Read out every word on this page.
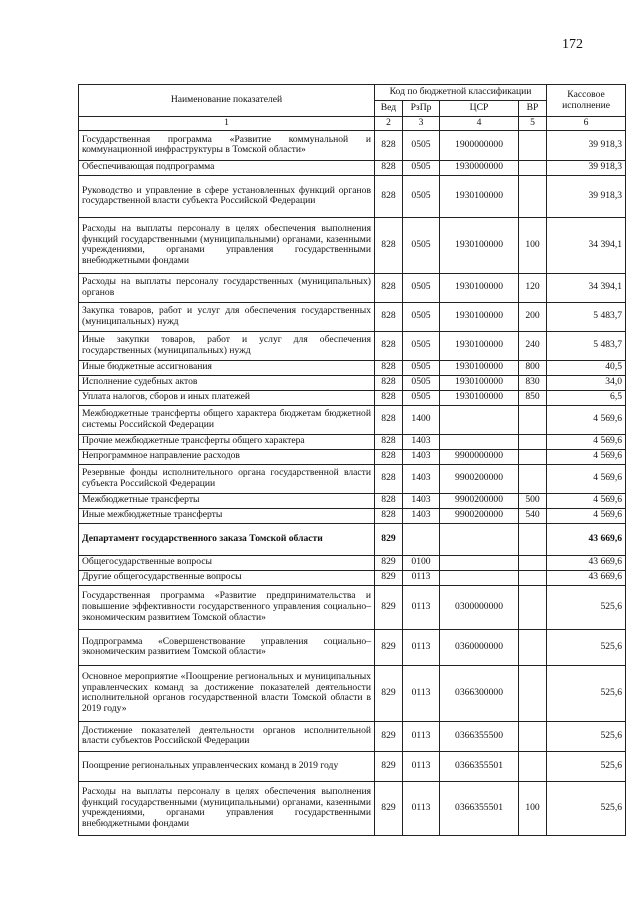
172
Наименование показателей	Код по бюджетной классификации				Кассовое исполнение
	Вед	РзПр	ЦСР	ВР	
1	2	3	4	5	6
Государственная программа «Развитие коммунальной и коммунационной инфраструктуры в Томской области»	828	0505	1900000000		39 918,3
Обеспечивающая подпрограмма	828	0505	1930000000		39 918,3
Руководство и управление в сфере установленных функций органов государственной власти субъекта Российской Федерации	828	0505	1930100000		39 918,3
Расходы на выплаты персоналу в целях обеспечения выполнения функций государственными (муниципальными) органами, казенными учреждениями, органами управления государственными внебюджетными фондами	828	0505	1930100000	100	34 394,1
Расходы на выплаты персоналу государственных (муниципальных) органов	828	0505	1930100000	120	34 394,1
Закупка товаров, работ и услуг для обеспечения государственных (муниципальных) нужд	828	0505	1930100000	200	5 483,7
Иные закупки товаров, работ и услуг для обеспечения государственных (муниципальных) нужд	828	0505	1930100000	240	5 483,7
Иные бюджетные ассигнования	828	0505	1930100000	800	40,5
Исполнение судебных актов	828	0505	1930100000	830	34,0
Уплата налогов, сборов и иных платежей	828	0505	1930100000	850	6,5
Межбюджетные трансферты общего характера бюджетам бюджетной системы Российской Федерации	828	1400			4 569,6
Прочие межбюджетные трансферты общего характера	828	1403			4 569,6
Непрограммное направление расходов	828	1403	9900000000		4 569,6
Резервные фонды исполнительного органа государственной власти субъекта Российской Федерации	828	1403	9900200000		4 569,6
Межбюджетные трансферты	828	1403	9900200000	500	4 569,6
Иные межбюджетные трансферты	828	1403	9900200000	540	4 569,6
Департамент государственного заказа Томской области	829				43 669,6
Общегосударственные вопросы	829	0100			43 669,6
Другие общегосударственные вопросы	829	0113			43 669,6
Государственная программа «Развитие предпринимательства и повышение эффективности государственного управления социально–экономическим развитием Томской области»	829	0113	0300000000		525,6
Подпрограмма «Совершенствование управления социально–экономическим развитием Томской области»	829	0113	0360000000		525,6
Основное мероприятие «Поощрение региональных и муниципальных управленческих команд за достижение показателей деятельности исполнительной органов государственной власти Томской области в 2019 году»	829	0113	0366300000		525,6
Достижение показателей деятельности органов исполнительной власти субъектов Российской Федерации	829	0113	0366355500		525,6
Поощрение региональных управленческих команд в 2019 году	829	0113	0366355501		525,6
Расходы на выплаты персоналу в целях обеспечения выполнения функций государственными (муниципальными) органами, казенными учреждениями, органами управления государственными внебюджетными фондами	829	0113	0366355501	100	525,6
